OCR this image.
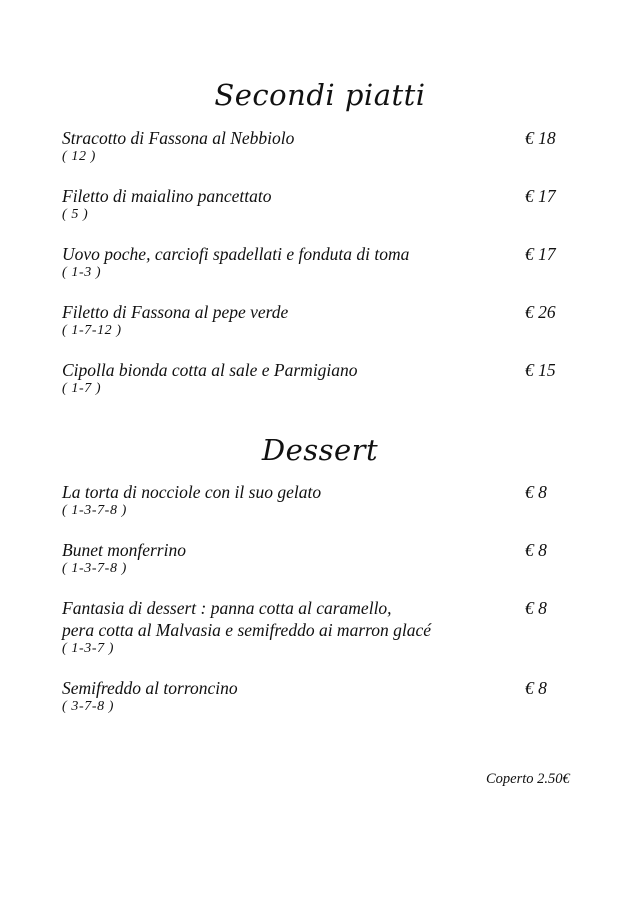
Secondi piatti
Stracotto di Fassona al Nebbiolo
( 12 )
€ 18
Filetto di maialino pancettato
( 5 )
€ 17
Uovo poche, carciofi spadellati e fonduta di toma
( 1-3 )
€ 17
Filetto di Fassona al pepe verde
( 1-7-12 )
€ 26
Cipolla bionda cotta al sale e Parmigiano
( 1-7 )
€ 15
Dessert
La torta di nocciole con il suo gelato
( 1-3-7-8 )
€ 8
Bunet monferrino
( 1-3-7-8 )
€ 8
Fantasia di dessert : panna cotta al caramello,
pera cotta al Malvasia e semifreddo ai marron glacé
( 1-3-7 )
€ 8
Semifreddo al torroncino
( 3-7-8 )
€ 8
Coperto 2.50€
